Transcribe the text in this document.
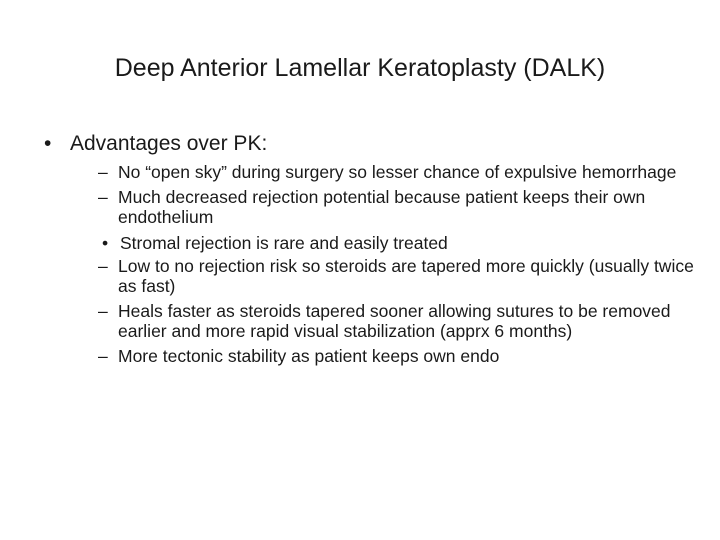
Deep Anterior Lamellar Keratoplasty (DALK)
• Advantages over PK:
– No “open sky” during surgery so lesser chance of expulsive hemorrhage
– Much decreased rejection potential because patient keeps their own endothelium
• Stromal rejection is rare and easily treated
– Low to no rejection risk so steroids are tapered more quickly (usually twice as fast)
– Heals faster as steroids tapered sooner allowing sutures to be removed earlier and more rapid visual stabilization (apprx 6 months)
– More tectonic stability as patient keeps own endo
